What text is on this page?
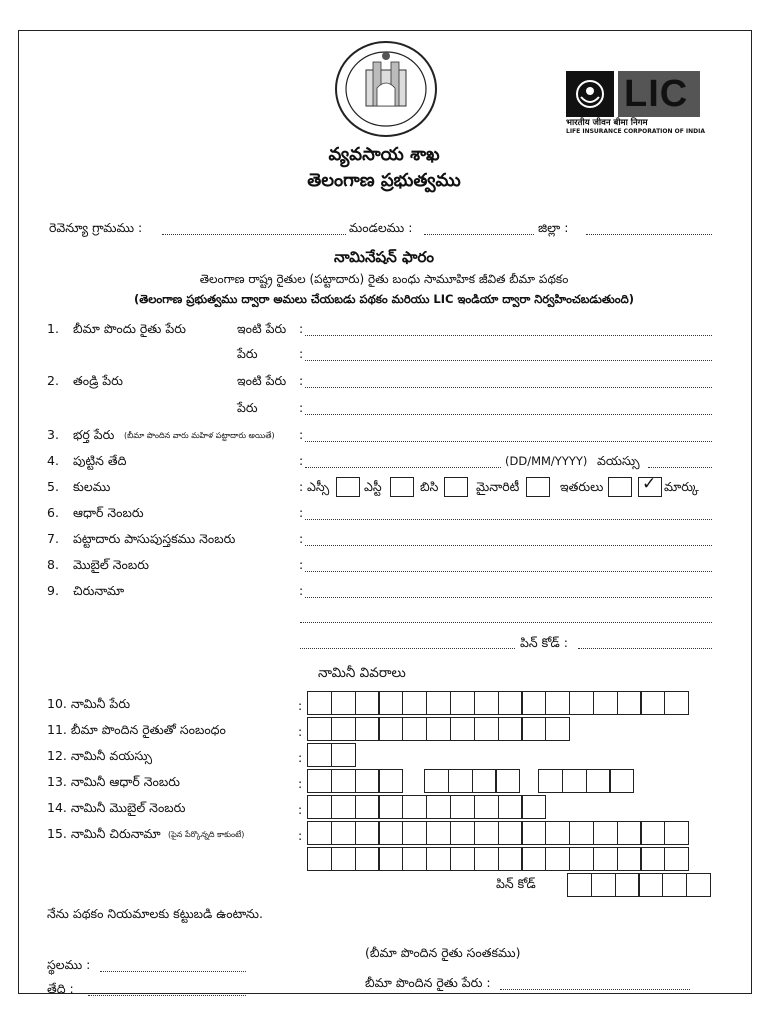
LIC
भारतीय जीवन बीमा निगम
LIFE INSURANCE CORPORATION OF INDIA
వ్యవసాయ శాఖ
తెలంగాణ ప్రభుత్వము
రెవెన్యూ గ్రామము :	మండలము :	జిల్లా :
నామినేషన్ ఫారం
తెలంగాణ రాష్ట్ర రైతుల (పట్టాదారు) రైతు బంధు సామూహిక జీవిత బీమా పథకం
(తెలంగాణ ప్రభుత్వము ద్వారా అమలు చేయబడు పథకం మరియు LIC ఇండియా ద్వారా నిర్వహించబడుతుంది)
1. బీమా పొందు రైతు పేరు	ఇంటి పేరు :
పేరు	:
2. తండ్రి పేరు	ఇంటి పేరు :
పేరు	:
3. భర్త పేరు (బీమా పొందిన వారు మహిళ పట్టాదారు అయితే) :
4. పుట్టిన తేది	:	(DD/MM/YYYY) వయస్సు
5. కులము	: ఎస్సీ	ఎస్టీ	బిసి	మైనారిటీ	ఇతరులు ✓ మార్కు
6. ఆధార్ నెంబరు	:
7. పట్టాదారు పాసుపుస్తకము నెంబరు	:
8. మొబైల్ నెంబరు	:
9. చిరునామా	:
పిన్ కోడ్ :
నామినీ వివరాలు
10. నామినీ పేరు	:
11. బీమా పొందిన రైతుతో సంబంధం	:
12. నామినీ వయస్సు	:
13. నామినీ ఆధార్ నెంబరు	:
14. నామినీ మొబైల్ నెంబరు	:
15. నామినీ చిరునామా (పైన పేర్కొన్నది కాకుంటే)	:
పిన్ కోడ్
నేను పథకం నియమాలకు కట్టుబడి ఉంటాను.
(బీమా పొందిన రైతు సంతకము)
స్థలము :
తేది :	బీమా పొందిన రైతు పేరు :
